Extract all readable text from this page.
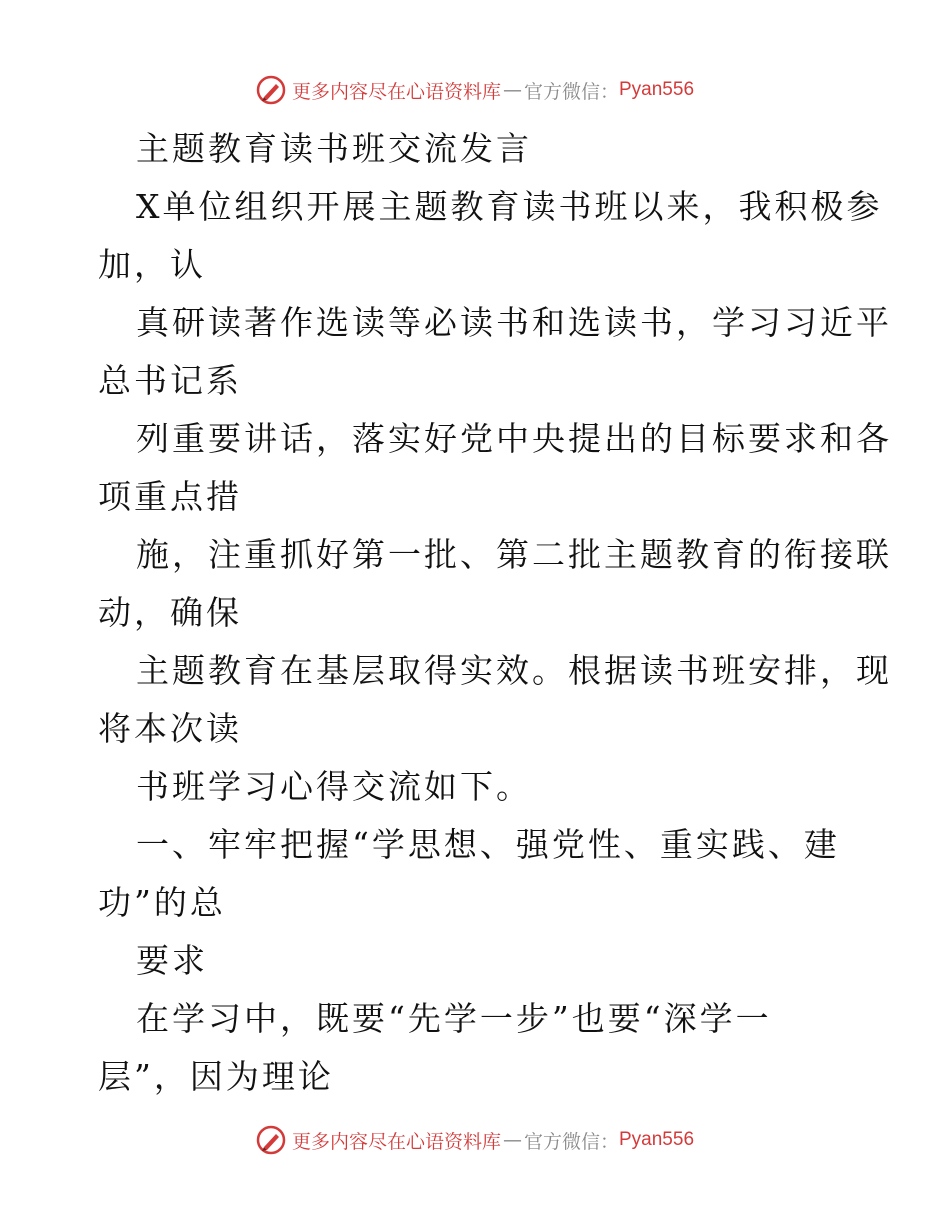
更多内容尽在心语资料库 — 官方微信： Pyan556
主题教育读书班交流发言
X单位组织开展主题教育读书班以来，我积极参
加，认
真研读著作选读等必读书和选读书，学习习近平
总书记系
列重要讲话，落实好党中央提出的目标要求和各
项重点措
施，注重抓好第一批、第二批主题教育的衔接联
动，确保
主题教育在基层取得实效。根据读书班安排，现
将本次读
书班学习心得交流如下。
一、牢牢把握“学思想、强党性、重实践、建
功”的总
要求
在学习中，既要“先学一步”也要“深学一
层”，因为理论
更多内容尽在心语资料库 — 官方微信： Pyan556
